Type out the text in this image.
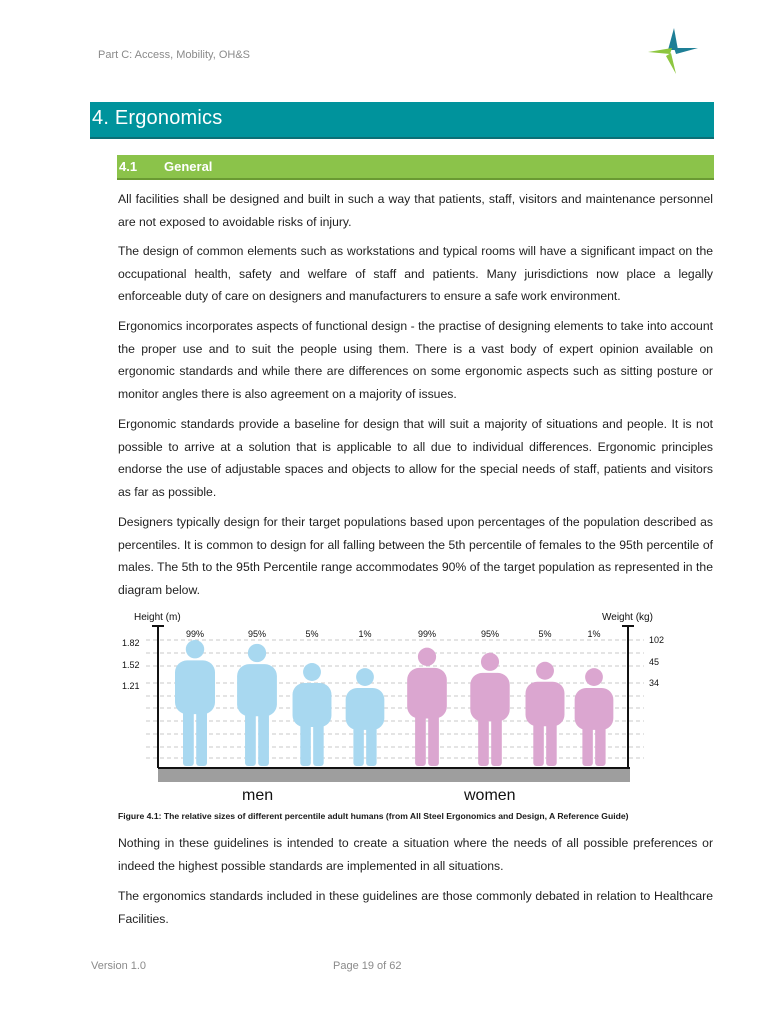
Part C: Access, Mobility, OH&S
4. Ergonomics
4.1 General

All facilities shall be designed and built in such a way that patients, staff, visitors and maintenance personnel are not exposed to avoidable risks of injury.

The design of common elements such as workstations and typical rooms will have a significant impact on the occupational health, safety and welfare of staff and patients. Many jurisdictions now place a legally enforceable duty of care on designers and manufacturers to ensure a safe work environment.

Ergonomics incorporates aspects of functional design - the practise of designing elements to take into account the proper use and to suit the people using them. There is a vast body of expert opinion available on ergonomic standards and while there are differences on some ergonomic aspects such as sitting posture or monitor angles there is also agreement on a majority of issues.

Ergonomic standards provide a baseline for design that will suit a majority of situations and people. It is not possible to arrive at a solution that is applicable to all due to individual differences. Ergonomic principles endorse the use of adjustable spaces and objects to allow for the special needs of staff, patients and visitors as far as possible.

Designers typically design for their target populations based upon percentages of the population described as percentiles. It is common to design for all falling between the 5th percentile of females to the 95th percentile of males. The 5th to the 95th Percentile range accommodates 90% of the target population as represented in the diagram below.

Height (m)	Weight (kg)
1.82
1.52
1.21
102
45
34
99%	95%	5%	1%	99%	95%	5%	1%
men	women
Figure 4.1: The relative sizes of different percentile adult humans (from All Steel Ergonomics and Design, A Reference Guide)

Nothing in these guidelines is intended to create a situation where the needs of all possible preferences or indeed the highest possible standards are implemented in all situations.

The ergonomics standards included in these guidelines are those commonly debated in relation to Healthcare Facilities.

Version 1.0	Page 19 of 62
